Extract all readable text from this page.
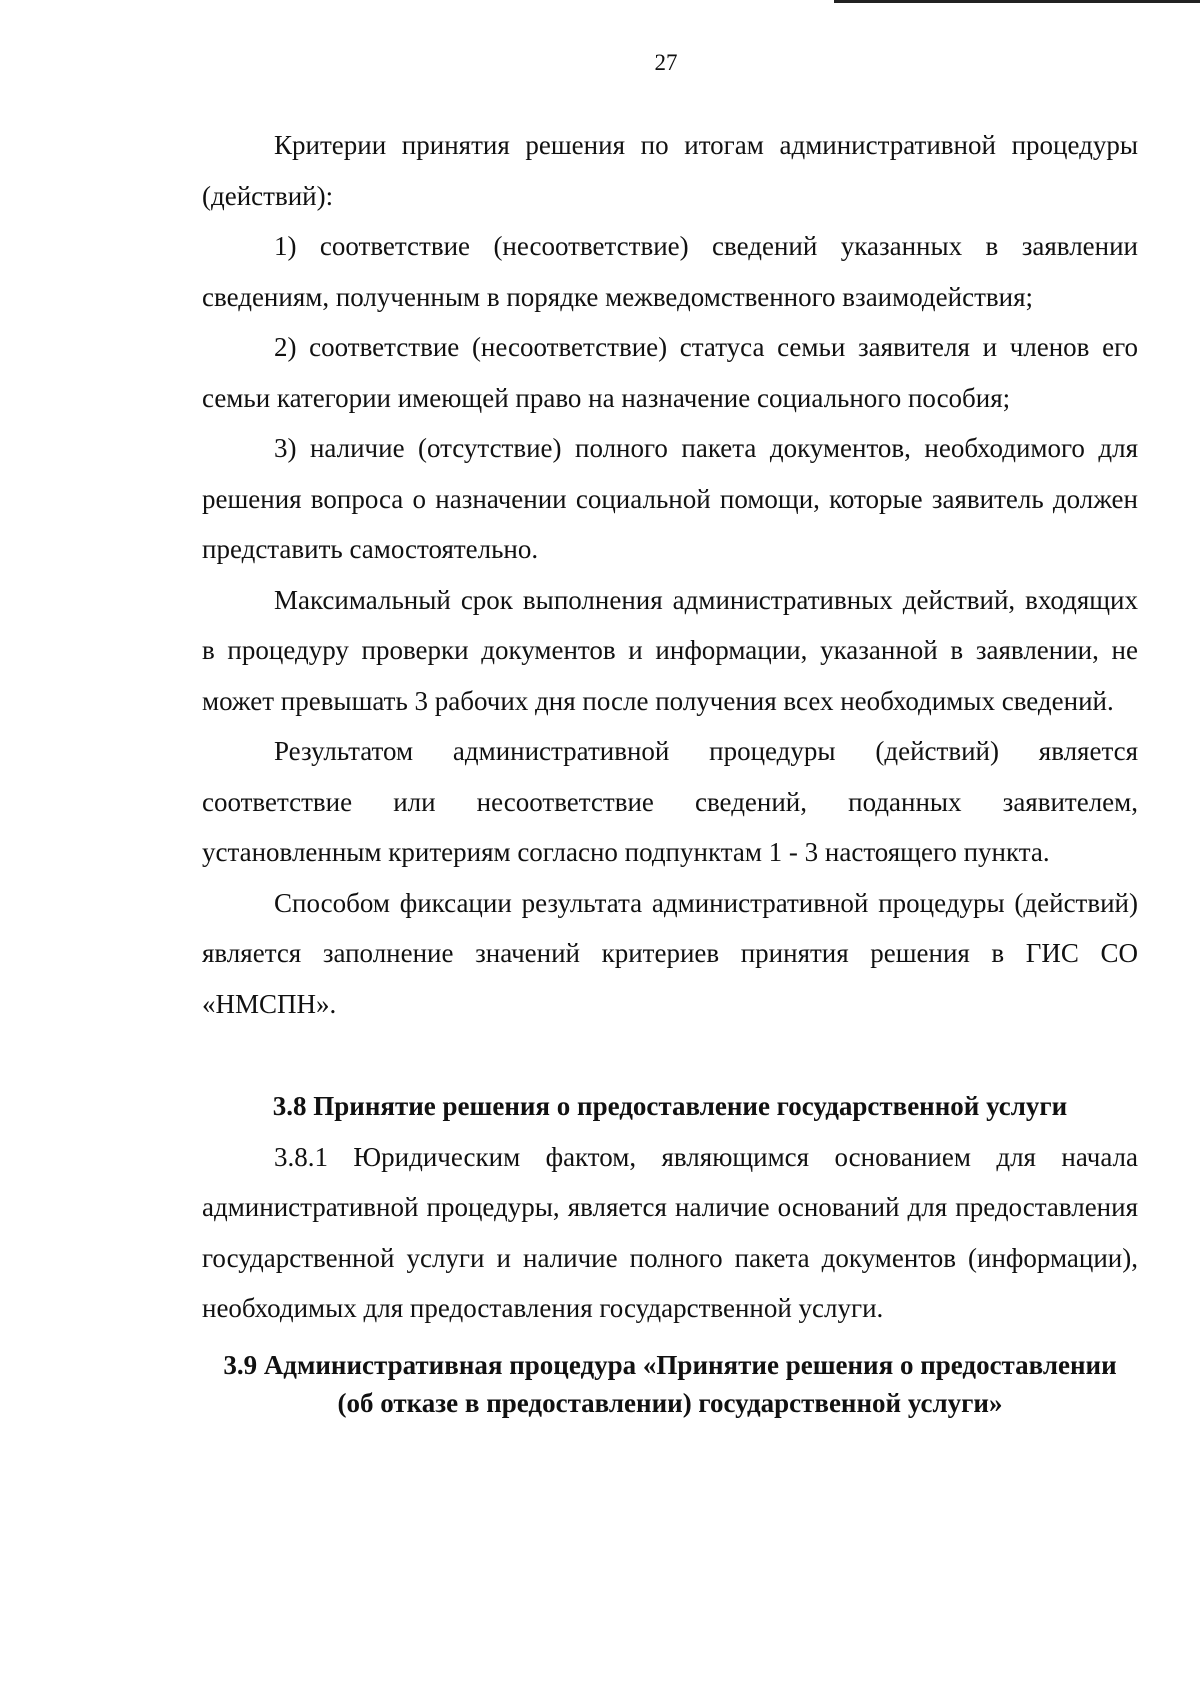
27

Критерии принятия решения по итогам административной процедуры (действий):

1) соответствие (несоответствие) сведений указанных в заявлении сведениям, полученным в порядке межведомственного взаимодействия;

2) соответствие (несоответствие) статуса семьи заявителя и членов его семьи категории имеющей право на назначение социального пособия;

3) наличие (отсутствие) полного пакета документов, необходимого для решения вопроса о назначении социальной помощи, которые заявитель должен представить самостоятельно.

Максимальный срок выполнения административных действий, входящих в процедуру проверки документов и информации, указанной в заявлении, не может превышать 3 рабочих дня после получения всех необходимых сведений.

Результатом административной процедуры (действий) является соответствие или несоответствие сведений, поданных заявителем, установленным критериям согласно подпунктам 1 - 3 настоящего пункта.

Способом фиксации результата административной процедуры (действий) является заполнение значений критериев принятия решения в ГИС СО «НМСПН».

3.8 Принятие решения о предоставление государственной услуги

3.8.1 Юридическим фактом, являющимся основанием для начала административной процедуры, является наличие оснований для предоставления государственной услуги и наличие полного пакета документов (информации), необходимых для предоставления государственной услуги.

3.9 Административная процедура «Принятие решения о предоставлении (об отказе в предоставлении) государственной услуги»
